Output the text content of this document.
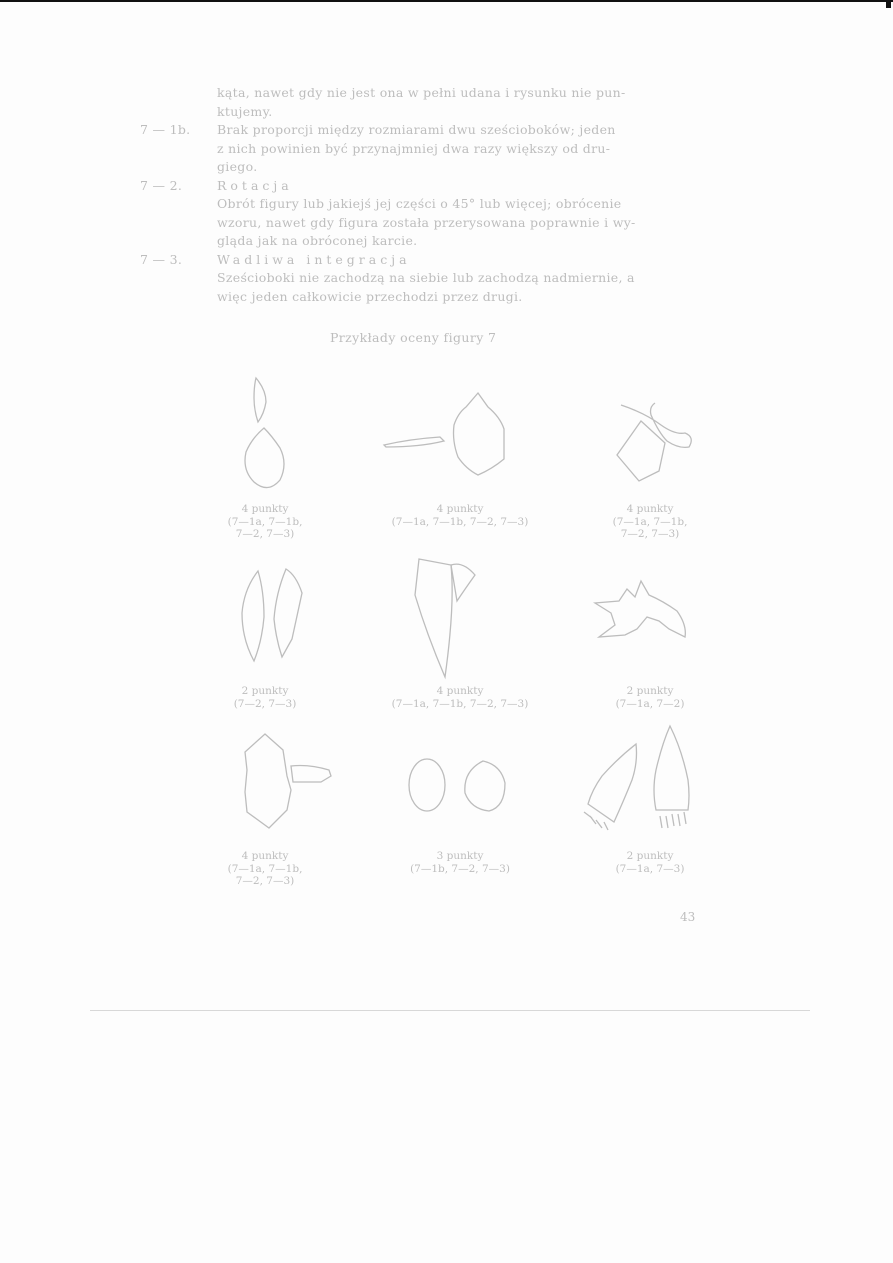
kąta, nawet gdy nie jest ona w pełni udana i rysunku nie pun-
ktujemy.
7 — 1b. Brak proporcji między rozmiarami dwu sześcioboków; jeden
z nich powinien być przynajmniej dwa razy większy od dru-
giego.
7 — 2.	Rotacja
Obrót figury lub jakiejś jej części o 45° lub więcej; obrócenie
wzoru, nawet gdy figura została przerysowana poprawnie i wy-
gląda jak na obróconej karcie.
7 — 3.	Wadliwa integracja
Sześcioboki nie zachodzą na siebie lub zachodzą nadmiernie, a
więc jeden całkowicie przechodzi przez drugi.
Przykłady oceny figury 7
4 punkty
(7—1a, 7—1b,
7—2, 7—3)
4 punkty
(7—1a, 7—1b, 7—2, 7—3)
4 punkty
(7—1a, 7—1b,
7—2, 7—3)
2 punkty
(7—2, 7—3)
4 punkty
(7—1a, 7—1b, 7—2, 7—3)
2 punkty
(7—1a, 7—2)
4 punkty
(7—1a, 7—1b,
7—2, 7—3)
3 punkty
(7—1b, 7—2, 7—3)
2 punkty
(7—1a, 7—3)
43
